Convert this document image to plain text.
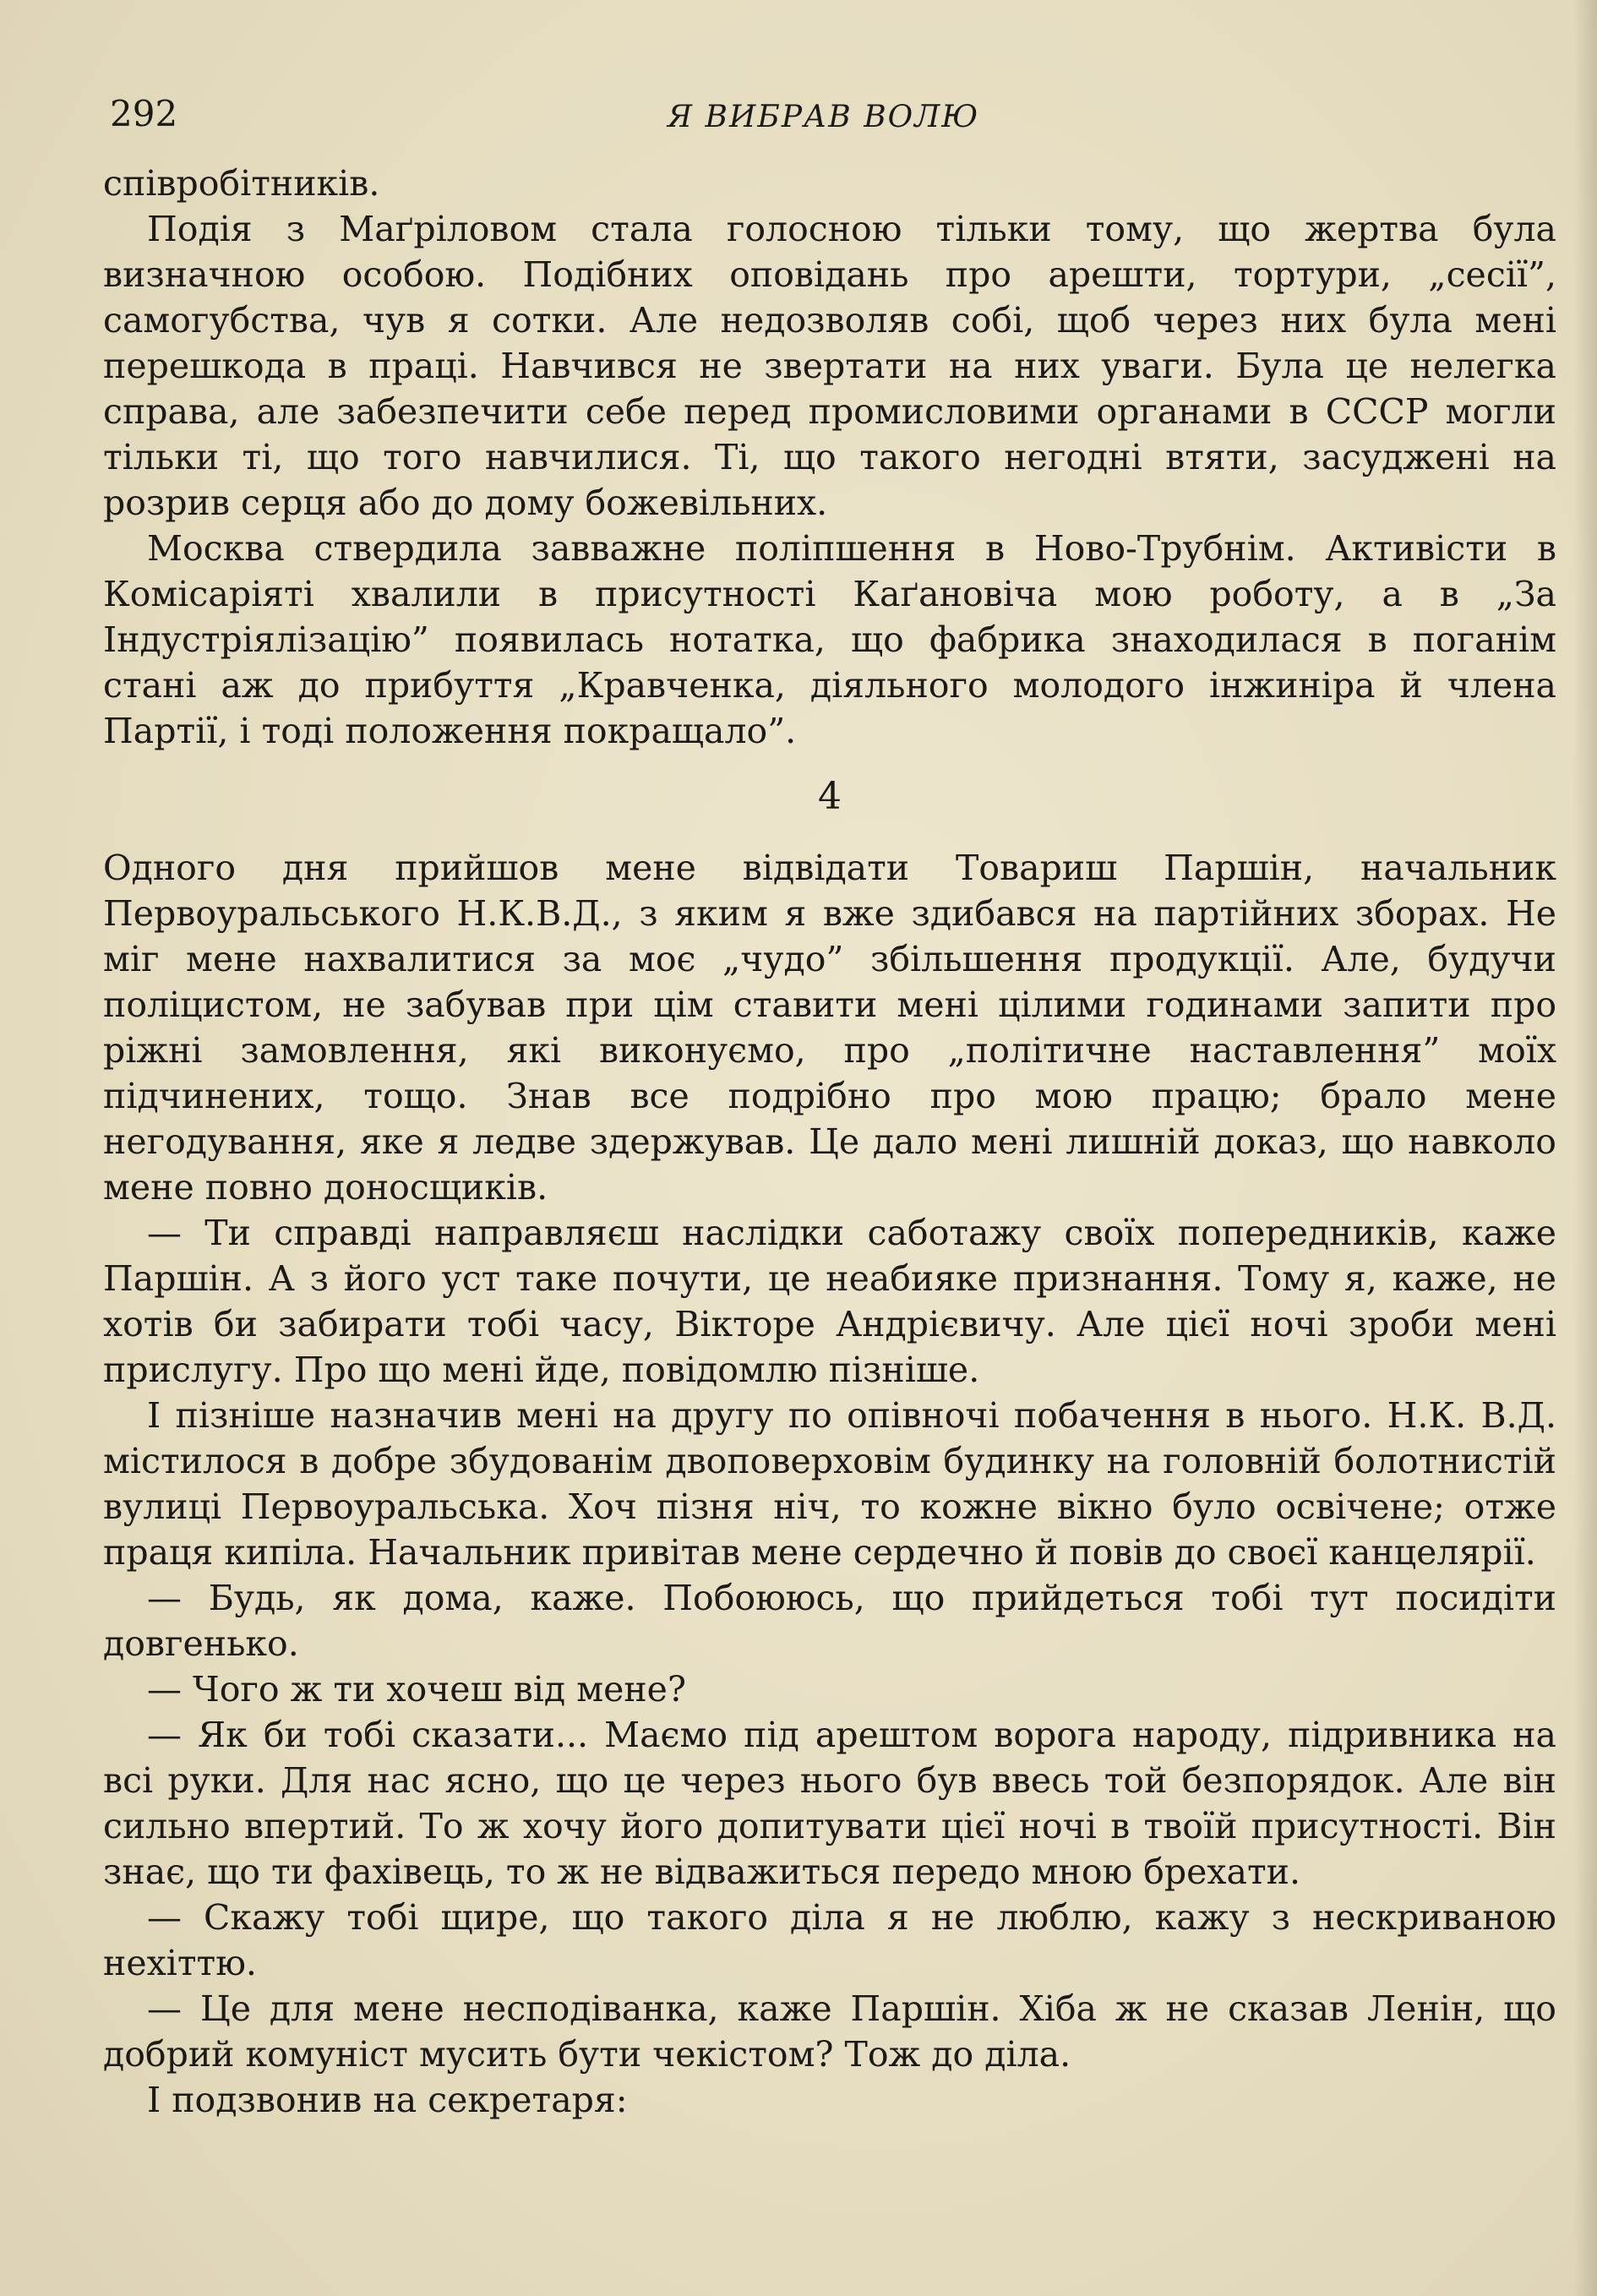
292	Я ВИБРАВ ВОЛЮ

співробітників.

Подія з Маґріловом стала голосною тільки тому, що жертва була визначною особою. Подібних оповідань про арешти, тортури, „сесії”, самогубства, чув я сотки. Але недозволяв собі, щоб через них була мені перешкода в праці. Навчився не звертати на них уваги. Була це нелегка справа, але забезпечити себе перед промисловими органами в СССР могли тільки ті, що того навчилися. Ті, що такого негодні втяти, засуджені на розрив серця або до дому божевільних.

Москва ствердила завважне поліпшення в Ново-Трубнім. Активісти в Комісаріяті хвалили в присутності Каґановіча мою роботу, а в „За Індустріялізацію” появилась нотатка, що фабрика знаходилася в поганім стані аж до прибуття „Кравченка, діяльного молодого інжиніра й члена Партії, і тоді положення покращало”.

4

Одного дня прийшов мене відвідати Товариш Паршін, начальник Первоуральського Н.К.В.Д., з яким я вже здибався на партійних зборах. Не міг мене нахвалитися за моє „чудо” збільшення продукції. Але, будучи поліцистом, не забував при цім ставити мені цілими годинами запити про ріжні замовлення, які виконуємо, про „політичне наставлення” моїх підчинених, тощо. Знав все подрібно про мою працю; брало мене негодування, яке я ледве здержував. Це дало мені лишній доказ, що навколо мене повно доносщиків.

— Ти справді направляєш наслідки саботажу своїх попередників, каже Паршін. А з його уст таке почути, це неабияке признання. Тому я, каже, не хотів би забирати тобі часу, Вікторе Андрієвичу. Але цієї ночі зроби мені прислугу. Про що мені йде, повідомлю пізніше.

І пізніше назначив мені на другу по опівночі побачення в нього. Н.К. В.Д. містилося в добре збудованім двоповерховім будинку на головній болотнистій вулиці Первоуральська. Хоч пізня ніч, то кожне вікно було освічене; отже праця кипіла. Начальник привітав мене сердечно й повів до своєї канцелярії.

— Будь, як дома, каже. Побоююсь, що прийдеться тобі тут посидіти довгенько.

— Чого ж ти хочеш від мене?

— Як би тобі сказати... Маємо під арештом ворога народу, підривника на всі руки. Для нас ясно, що це через нього був ввесь той безпорядок. Але він сильно впертий. То ж хочу його допитувати цієї ночі в твоїй присутності. Він знає, що ти фахівець, то ж не відважиться передо мною брехати.

— Скажу тобі щире, що такого діла я не люблю, кажу з нескриваною нехіттю.

— Це для мене несподіванка, каже Паршін. Хіба ж не сказав Ленін, що добрий комуніст мусить бути чекістом? Тож до діла.

І подзвонив на секретаря:
